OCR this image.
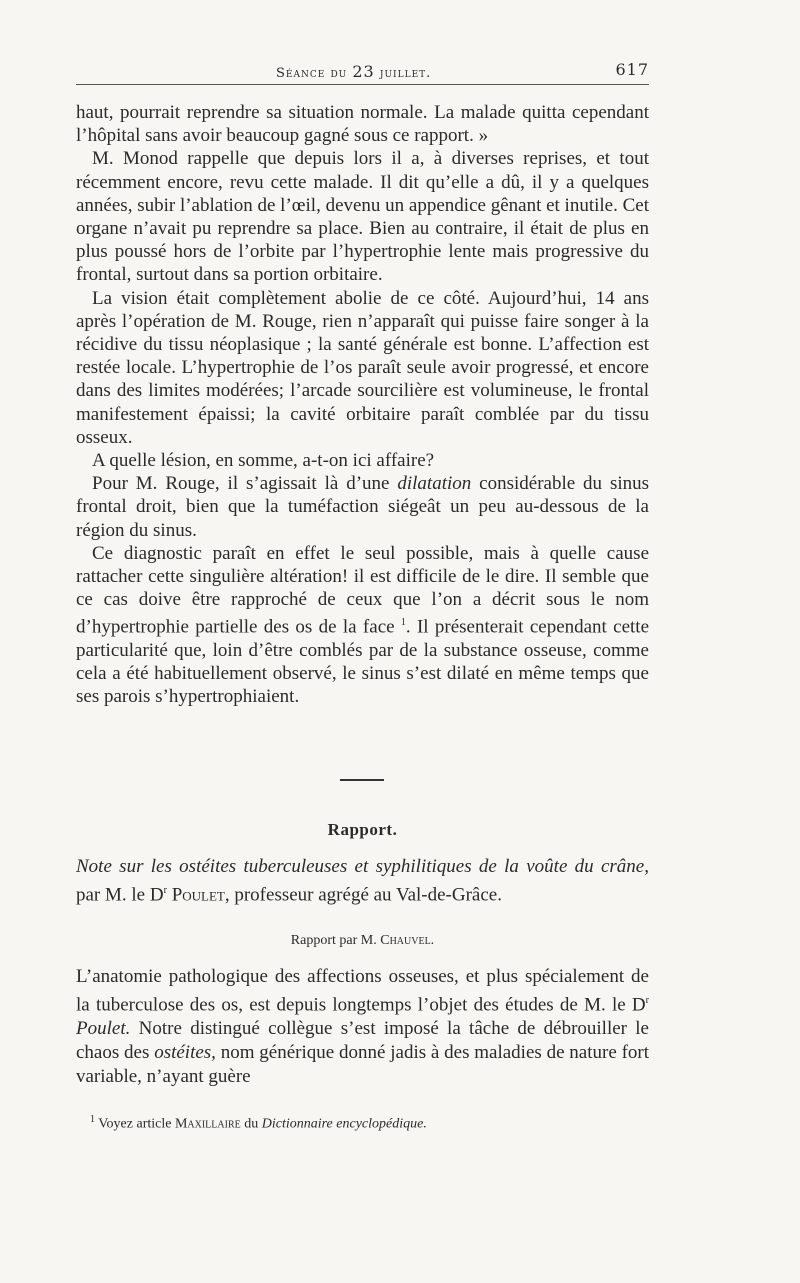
Séance du 23 juillet.	617

haut, pourrait reprendre sa situation normale. La malade quitta cependant l’hôpital sans avoir beaucoup gagné sous ce rapport. »

M. Monod rappelle que depuis lors il a, à diverses reprises, et tout récemment encore, revu cette malade. Il dit qu’elle a dû, il y a quelques années, subir l’ablation de l’œil, devenu un appendice gênant et inutile. Cet organe n’avait pu reprendre sa place. Bien au contraire, il était de plus en plus poussé hors de l’orbite par l’hypertrophie lente mais progressive du frontal, surtout dans sa portion orbitaire.

La vision était complètement abolie de ce côté. Aujourd’hui, 14 ans après l’opération de M. Rouge, rien n’apparaît qui puisse faire songer à la récidive du tissu néoplasique ; la santé générale est bonne. L’affection est restée locale. L’hypertrophie de l’os paraît seule avoir progressé, et encore dans des limites modérées; l’arcade sourcilière est volumineuse, le frontal manifestement épaissi; la cavité orbitaire paraît comblée par du tissu osseux.

A quelle lésion, en somme, a-t-on ici affaire?

Pour M. Rouge, il s’agissait là d’une dilatation considérable du sinus frontal droit, bien que la tuméfaction siégeât un peu au-dessous de la région du sinus.

Ce diagnostic paraît en effet le seul possible, mais à quelle cause rattacher cette singulière altération! il est difficile de le dire. Il semble que ce cas doive être rapproché de ceux que l’on a décrit sous le nom d’hypertrophie partielle des os de la face $^1$. Il présenterait cependant cette particularité que, loin d’être comblés par de la substance osseuse, comme cela a été habituellement observé, le sinus s’est dilaté en même temps que ses parois s’hypertrophiaient.

Rapport.
Note sur les ostéites tuberculeuses et syphilitiques de la voûte du crâne, par M. le $D^r$ Poulet, professeur agrégé au Val-de-Grâce.
Rapport par M. Chauvel.
L’anatomie pathologique des affections osseuses, et plus spécialement de la tuberculose des os, est depuis longtemps l’objet des études de M. le $D^r$ Poulet. Notre distingué collègue s’est imposé la tâche de débrouiller le chaos des ostéites, nom générique donné jadis à des maladies de nature fort variable, n’ayant guère
$^1$ Voyez article Maxillaire du Dictionnaire encyclopédique.
